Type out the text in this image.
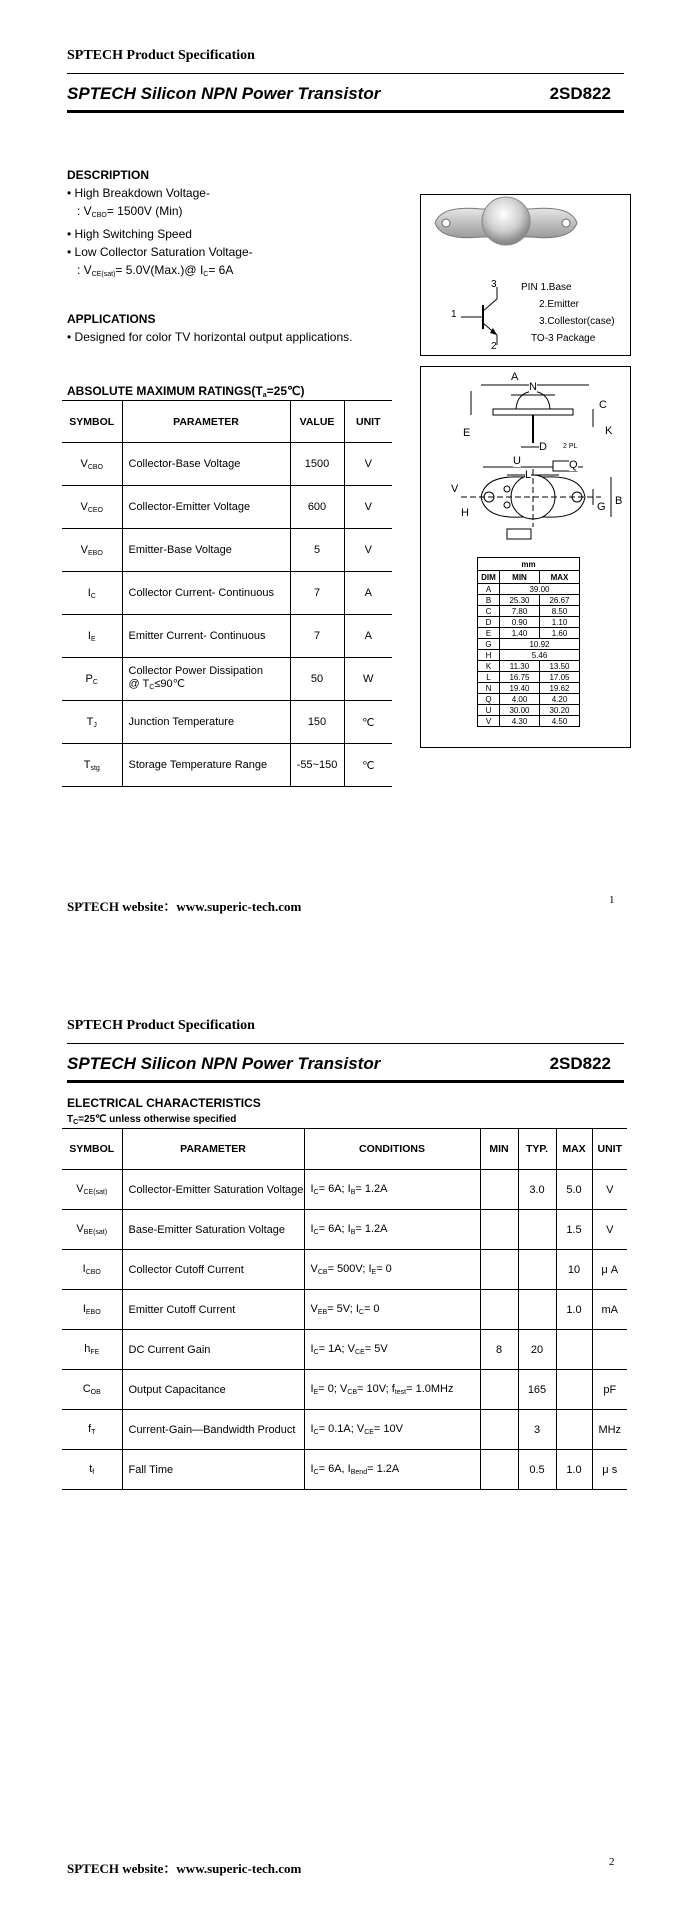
SPTECH Product Specification
SPTECH Silicon NPN Power Transistor	2SD822
DESCRIPTION
• High Breakdown Voltage-
: $V_{CBO}= 1500V$ (Min)
• High Switching Speed
• Low Collector Saturation Voltage-
: $V_{CE(sat)}=$ 5.0V(Max.)@ $I_C= 6A$
APPLICATIONS
• Designed for color TV horizontal output applications.
ABSOLUTE MAXIMUM $RATINGS(T_a=25℃)$
SYMBOL	PARAMETER	VALUE	UNIT
$V_{CBO}$	Collector-Base Voltage	1500	V
$V_{CEO}$	Collector-Emitter Voltage	600	V
$V_{EBO}$	Emitter-Base Voltage	5	V
$I_C$	Collector Current- Continuous	7	A
$I_E$	Emitter Current- Continuous	7	A
$P_C$	Collector Power Dissipation
@ $T_C\le 90℃$	50	W
$T_J$	Junction Temperature	150	℃
$T_{stg}$	Storage Temperature Range	-55~150	℃
1
3
2
PIN 1.Base
2.Emitter
3.Collestor(case)
TO-3 Package
A
N
C
E
D 2 PL
K
U
L
Q
V
H	G B
mm		
DIM	MIN	MAX
A	39.00	
B	25.30	26.67
C	7.80	8.50
D	0.90	1.10
E	1.40	1.60
G	10.92	
H	5.46	
K	11.30	13.50
L	16.75	17.05
N	19.40	19.62
Q	4.00	4.20
U	30.00	30.20
V	4.30	4.50
SPTECH website：www.superic-tech.com	1
SPTECH Product Specification
SPTECH Silicon NPN Power Transistor	2SD822
ELECTRICAL CHARACTERISTICS
$T_C=25℃$ unless otherwise specified
SYMBOL	PARAMETER	CONDITIONS	MIN	TYP.	MAX	UNIT
$V_{CE(sat)}$	Collector-Emitter Saturation Voltage	$I_C= 6A$; $I_B= 1.2A$		3.0	5.0	V
$V_{BE(sat)}$	Base-Emitter Saturation Voltage	$I_C= 6A$; $I_B= 1.2A$			1.5	V
$I_{CBO}$	Collector Cutoff Current	$V_{CB}= 500V$; $I_E= 0$			10	μ A
$I_{EBO}$	Emitter Cutoff Current	$V_{EB}= 5V$; $I_C= 0$			1.0	mA
$h_{FE}$	DC Current Gain	$I_C= 1A$; $V_{CE}= 5V$	8	20		
$C_{OB}$	Output Capacitance	$I_E= 0$; $V_{CB}= 10V$; $f_{test}= 1.0MHz$		165		pF
$f_T$	Current-Gain—Bandwidth Product	$I_C= 0.1A$; $V_{CE}= 10V$		3		MHz
$t_f$	Fall Time	$I_C= 6A$, $I_{Bend}= 1.2A$		0.5	1.0	μ s
SPTECH website：www.superic-tech.com	2
